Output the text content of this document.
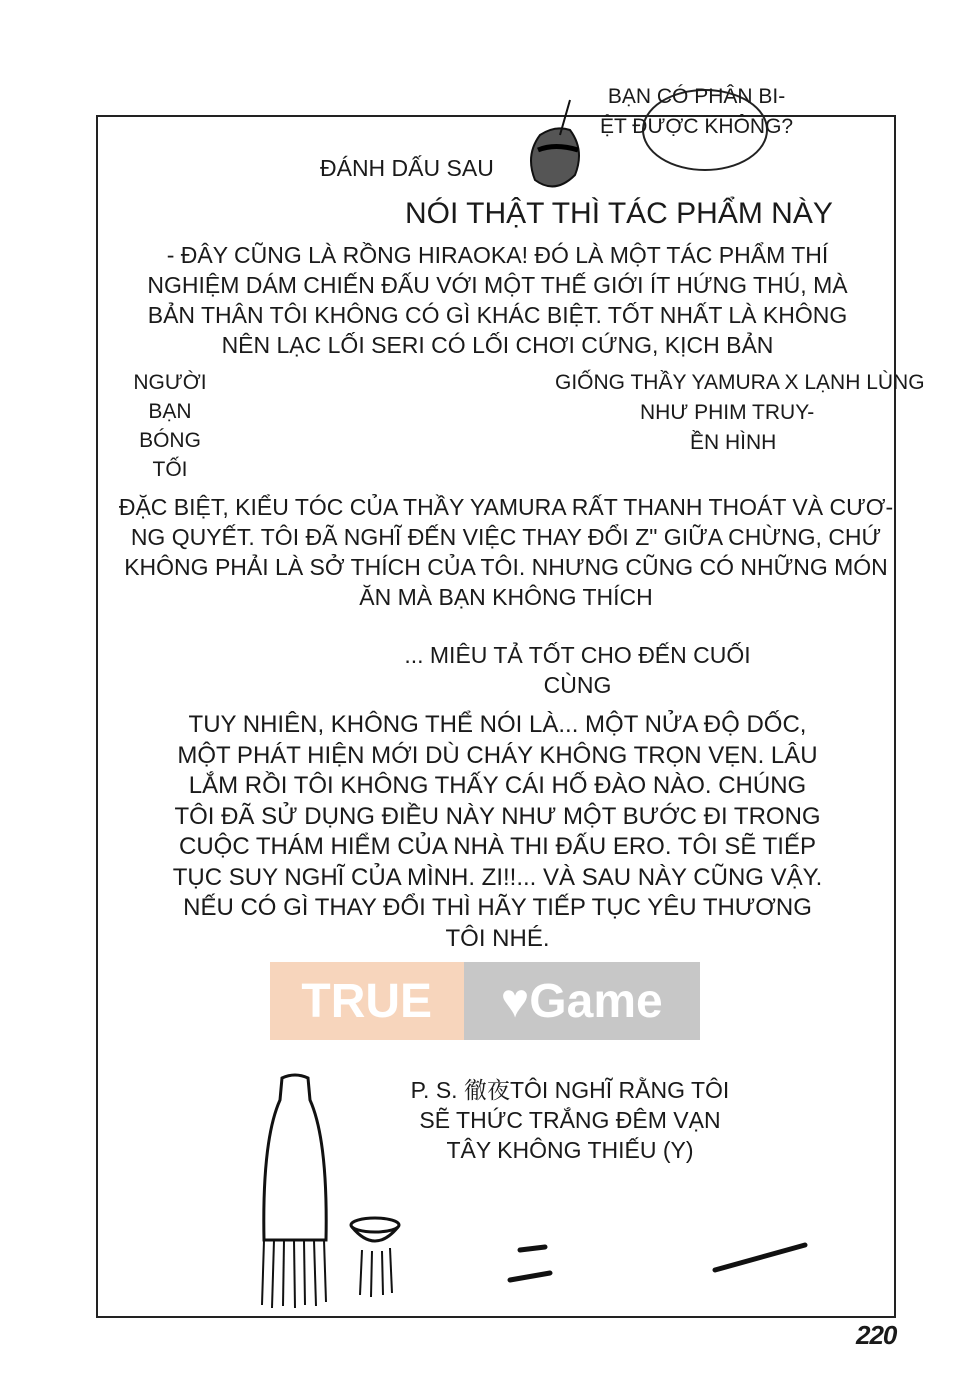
BẠN CÓ PHÂN BI-
ỆT ĐƯỢC KHÔNG?
ĐÁNH DẤU SAU
NÓI THẬT THÌ TÁC PHẨM NÀY
- ĐÂY CŨNG LÀ RỒNG HIRAOKA! ĐÓ LÀ MỘT TÁC PHẨM THÍ
NGHIỆM DÁM CHIẾN ĐẤU VỚI MỘT THẾ GIỚI ÍT HỨNG THÚ, MÀ
BẢN THÂN TÔI KHÔNG CÓ GÌ KHÁC BIỆT. TỐT NHẤT LÀ KHÔNG
NÊN LẠC LỐI SERI CÓ LỐI CHƠI CỨNG, KỊCH BẢN
NGƯỜI
BẠN
BÓNG
TỐI
GIỐNG THẦY YAMURA X LẠNH LÙNG
NHƯ PHIM TRUY-
ỀN HÌNH
ĐẶC BIỆT, KIỂU TÓC CỦA THẦY YAMURA RẤT THANH THOÁT VÀ CƯƠ-
NG QUYẾT. TÔI ĐÃ NGHĨ ĐẾN VIỆC THAY ĐỔI Z" GIỮA CHỪNG, CHỨ
KHÔNG PHẢI LÀ SỞ THÍCH CỦA TÔI. NHƯNG CŨNG CÓ NHỮNG MÓN
ĂN MÀ BẠN KHÔNG THÍCH
... MIÊU TẢ TỐT CHO ĐẾN CUỐI
CÙNG
TUY NHIÊN, KHÔNG THỂ NÓI LÀ... MỘT NỬA ĐỘ DỐC,
MỘT PHÁT HIỆN MỚI DÙ CHÁY KHÔNG TRỌN VẸN. LÂU
LẮM RỒI TÔI KHÔNG THẤY CÁI HỐ ĐÀO NÀO. CHÚNG
TÔI ĐÃ SỬ DỤNG ĐIỀU NÀY NHƯ MỘT BƯỚC ĐI TRONG
CUỘC THÁM HIỂM CỦA NHÀ THI ĐẤU ERO. TÔI SẼ TIẾP
TỤC SUY NGHĨ CỦA MÌNH. ZI!!... VÀ SAU NÀY CŨNG VẬY.
NẾU CÓ GÌ THAY ĐỔI THÌ HÃY TIẾP TỤC YÊU THƯƠNG
TÔI NHÉ.
TRUE	♥Game
P. S. 徹夜TÔI NGHĨ RẰNG TÔI
SẼ THỨC TRẮNG ĐÊM VẠN
TÂY KHÔNG THIẾU (Y)
220
